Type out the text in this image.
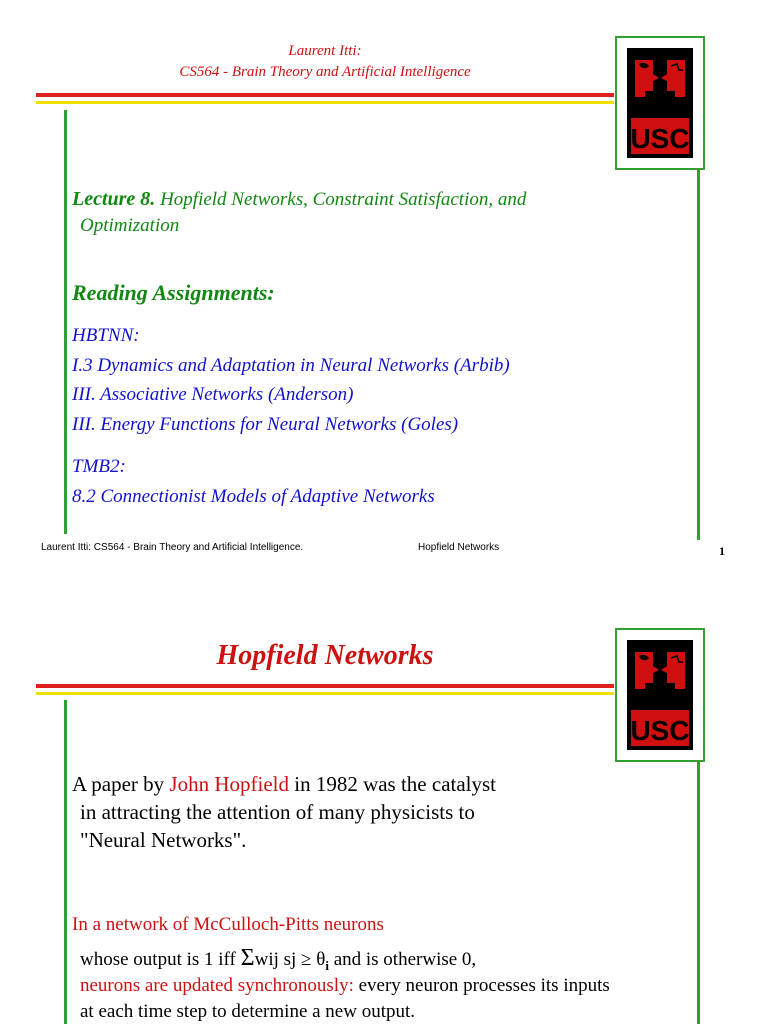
Laurent Itti:
CS564 - Brain Theory and Artificial Intelligence
USC
Lecture 8. Hopfield Networks, Constraint Satisfaction, and
Optimization
Reading Assignments:
HBTNN:
I.3 Dynamics and Adaptation in Neural Networks (Arbib)
III. Associative Networks (Anderson)
III. Energy Functions for Neural Networks (Goles)
TMB2:
8.2 Connectionist Models of Adaptive Networks
Laurent Itti: CS564 - Brain Theory and Artificial Intelligence.	Hopfield Networks	1
Hopfield Networks
USC
A paper by John Hopfield in 1982 was the catalyst
in attracting the attention of many physicists to
"Neural Networks".
In a network of McCulloch-Pitts neurons
whose output is 1 iff Σwij sj ≥ $\theta_i$ and is otherwise 0,
neurons are updated synchronously: every neuron processes its inputs
at each time step to determine a new output.
